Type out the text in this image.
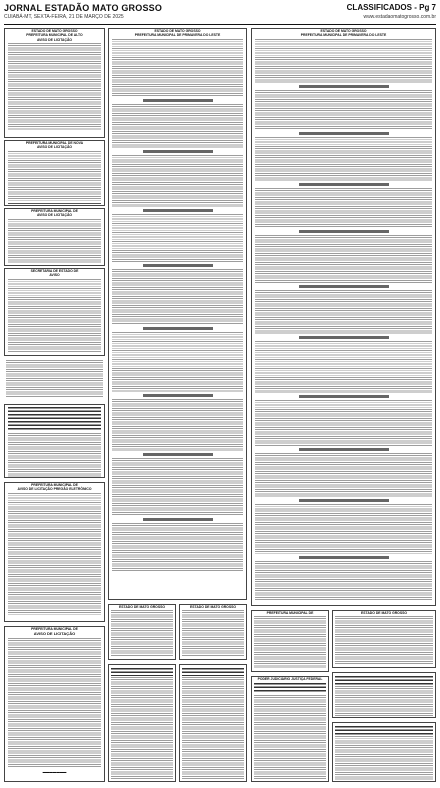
JORNAL ESTADÃO MATO GROSSO
CUIABÁ-MT, SEXTA-FEIRA, 21 DE MARÇO DE 2025
CLASSIFICADOS - Pg 7
www.estadaomatogrosso.com.br
ESTADO DE MATO GROSSO
PREFEITURA MUNICIPAL DE ALTO
AVISO DE LICITAÇÃO
PREFEITURA MUNICIPAL DE NOVA
AVISO DE LICITAÇÃO
PREFEITURA MUNICIPAL DE
AVISO DE LICITAÇÃO
SECRETARIA DE ESTADO DE
AVISO
PREFEITURA MUNICIPAL DE
AVISO DE LICITAÇÃO PREGÃO ELETRÔNICO
PREFEITURA MUNICIPAL DE
AVISO DE LICITAÇÃO
▬▬▬▬▬▬▬
ESTADO DE MATO GROSSO
PREFEITURA MUNICIPAL DE PRIMAVERA DO LESTE
ESTADO DE MATO GROSSO	ESTADO DE MATO GROSSO
ESTADO DE MATO GROSSO
PREFEITURA MUNICIPAL DE PRIMAVERA DO LESTE
PREFEITURA MUNICIPAL DE
PODER JUDICIÁRIO JUSTIÇA FEDERAL
ESTADO DE MATO GROSSO
